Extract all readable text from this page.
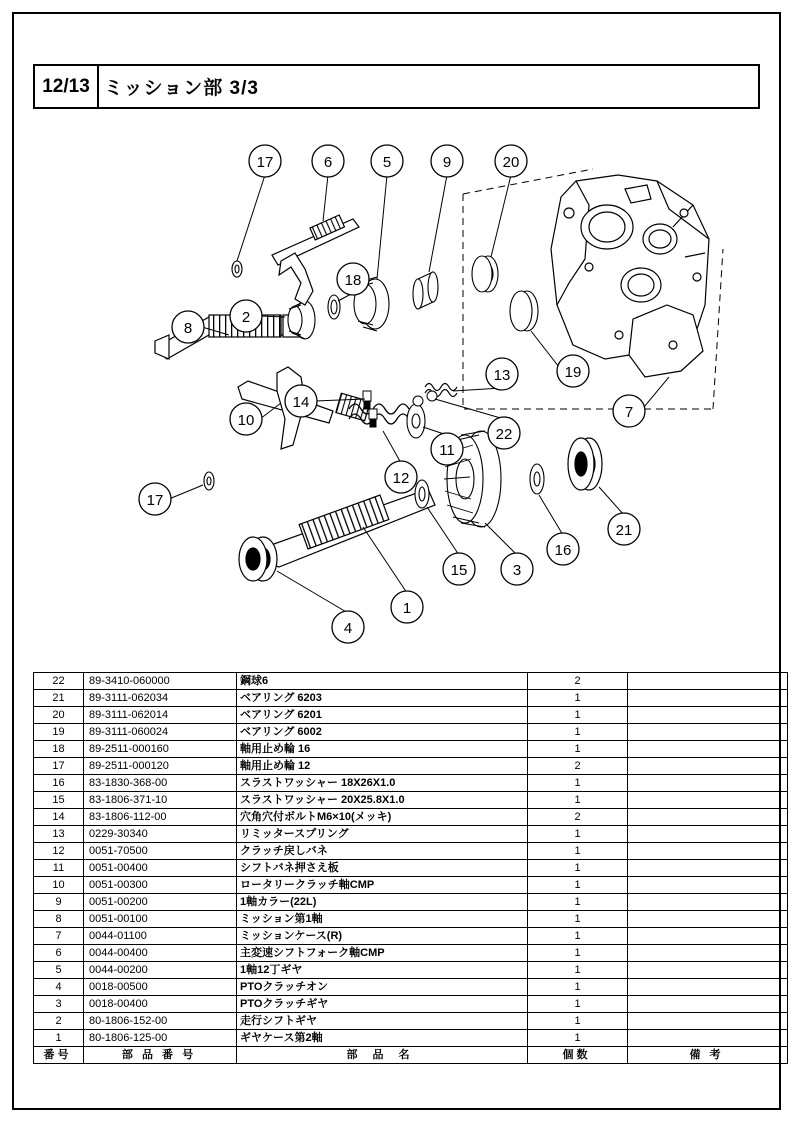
12/13 ミッション部 3/3
17	6	5	9	20
18
8
2
13	19
7
14
10
22
11
12
17
21
16
3
15
1
4
22	89-3410-060000	鋼球6	2	
21	89-3111-062034	ベアリング 6203	1	
20	89-3111-062014	ベアリング 6201	1	
19	89-3111-060024	ベアリング 6002	1	
18	89-2511-000160	軸用止め輪 16	1	
17	89-2511-000120	軸用止め輪 12	2	
16	83-1830-368-00	スラストワッシャー 18X26X1.0	1	
15	83-1806-371-10	スラストワッシャー 20X25.8X1.0	1	
14	83-1806-112-00	穴角穴付ボルトM6×10(メッキ)	2	
13	0229-30340	リミッタースプリング	1	
12	0051-70500	クラッチ戻しバネ	1	
11	0051-00400	シフトバネ押さえ板	1	
10	0051-00300	ロータリークラッチ軸CMP	1	
9	0051-00200	1軸カラー(22L)	1	
8	0051-00100	ミッション第1軸	1	
7	0044-01100	ミッションケース(R)	1	
6	0044-00400	主変速シフトフォーク軸CMP	1	
5	0044-00200	1軸12丁ギヤ	1	
4	0018-00500	PTOクラッチオン	1	
3	0018-00400	PTOクラッチギヤ	1	
2	80-1806-152-00	走行シフトギヤ	1	
1	80-1806-125-00	ギヤケース第2軸	1	
番号	部 品 番 号	部 品 名	個数	備 考
